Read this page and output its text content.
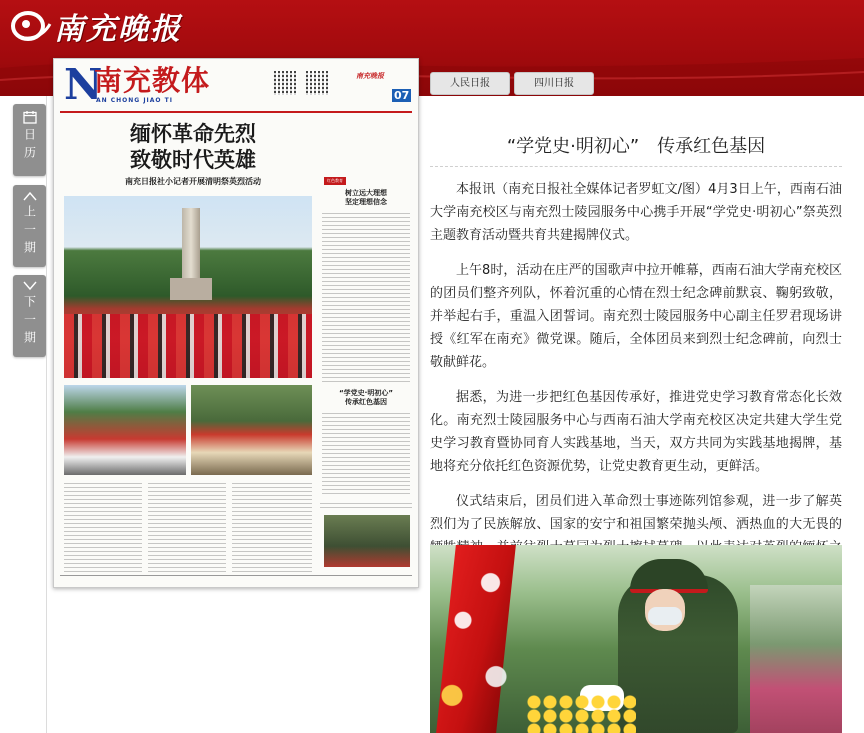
南充晚报
日历
上一期
下一期
N
南充教体
AN CHONG JIAO TI
南充晚报
07
缅怀革命先烈
致敬时代英雄
南充日报社小记者开展清明祭英烈活动	红色教育
树立远大理想
坚定理想信念
“学党史·明初心”
传承红色基因
人民日报	四川日报
“学党史·明初心”　传承红色基因

本报讯（南充日报社全媒体记者罗虹文/图）4月3日上午，西南石油大学南充校区与南充烈士陵园服务中心携手开展“学党史·明初心”祭英烈主题教育活动暨共育共建揭牌仪式。

上午8时，活动在庄严的国歌声中拉开帷幕，西南石油大学南充校区的团员们整齐列队，怀着沉重的心情在烈士纪念碑前默哀、鞠躬致敬，并举起右手，重温入团誓词。南充烈士陵园服务中心副主任罗君现场讲授《红军在南充》微党课。随后，全体团员来到烈士纪念碑前，向烈士敬献鲜花。

据悉，为进一步把红色基因传承好，推进党史学习教育常态化长效化。南充烈士陵园服务中心与西南石油大学南充校区决定共建大学生党史学习教育暨协同育人实践基地，当天，双方共同为实践基地揭牌，基地将充分依托红色资源优势，让党史教育更生动，更鲜活。

仪式结束后，团员们进入革命烈士事迹陈列馆参观，进一步了解英烈们为了民族解放、国家的安宁和祖国繁荣抛头颅、洒热血的大无畏的
